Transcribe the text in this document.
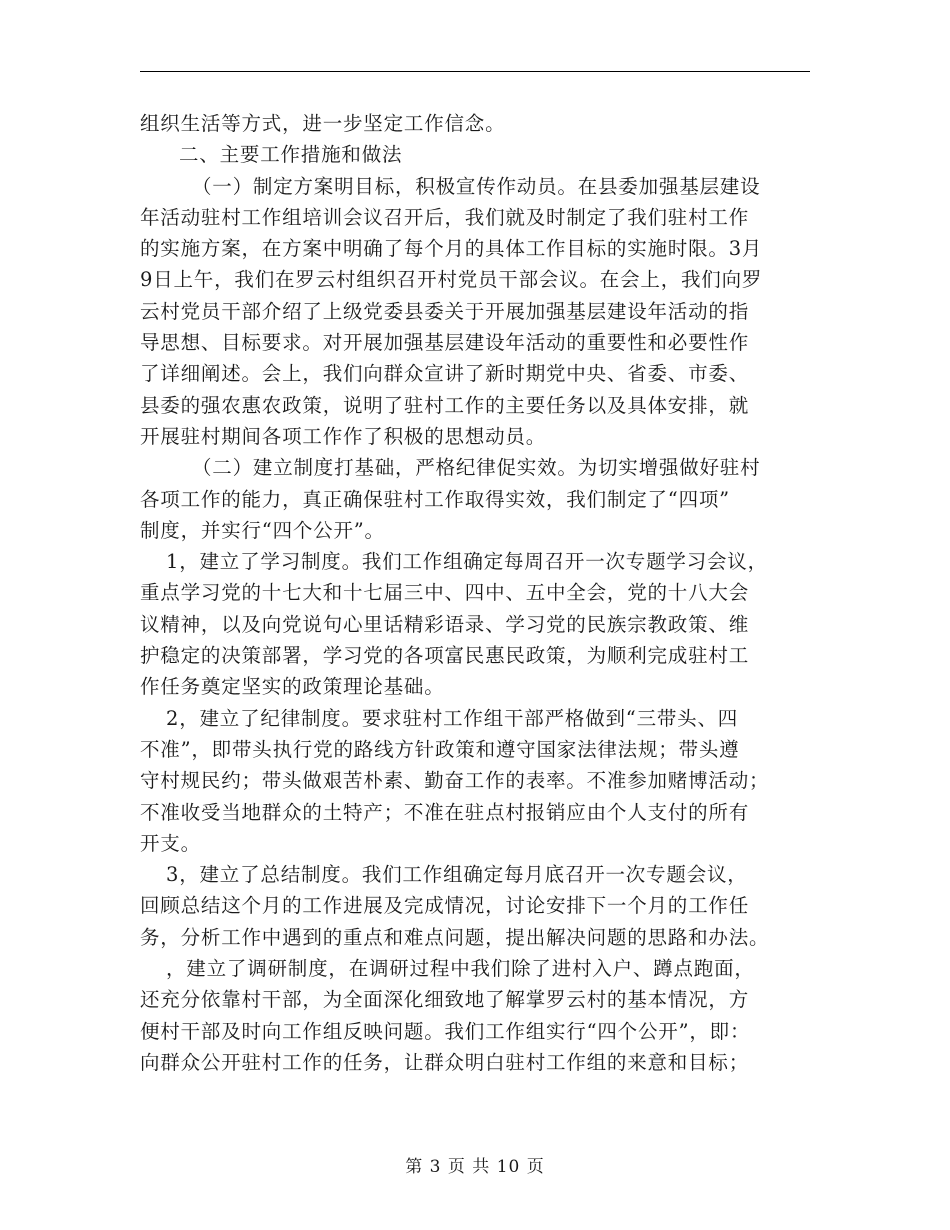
组织生活等方式，进一步坚定工作信念。
二、主要工作措施和做法
（一）制定方案明目标，积极宣传作动员。在县委加强基层建设
年活动驻村工作组培训会议召开后，我们就及时制定了我们驻村工作
的实施方案，在方案中明确了每个月的具体工作目标的实施时限。3月
9日上午，我们在罗云村组织召开村党员干部会议。在会上，我们向罗
云村党员干部介绍了上级党委县委关于开展加强基层建设年活动的指
导思想、目标要求。对开展加强基层建设年活动的重要性和必要性作
了详细阐述。会上，我们向群众宣讲了新时期党中央、省委、市委、
县委的强农惠农政策，说明了驻村工作的主要任务以及具体安排，就
开展驻村期间各项工作作了积极的思想动员。
（二）建立制度打基础，严格纪律促实效。为切实增强做好驻村
各项工作的能力，真正确保驻村工作取得实效，我们制定了“四项”
制度，并实行“四个公开”。
1，建立了学习制度。我们工作组确定每周召开一次专题学习会议，
重点学习党的十七大和十七届三中、四中、五中全会，党的十八大会
议精神，以及向党说句心里话精彩语录、学习党的民族宗教政策、维
护稳定的决策部署，学习党的各项富民惠民政策，为顺利完成驻村工
作任务奠定坚实的政策理论基础。
2，建立了纪律制度。要求驻村工作组干部严格做到“三带头、四
不准”，即带头执行党的路线方针政策和遵守国家法律法规；带头遵
守村规民约；带头做艰苦朴素、勤奋工作的表率。不准参加赌博活动；
不准收受当地群众的土特产；不准在驻点村报销应由个人支付的所有
开支。
3，建立了总结制度。我们工作组确定每月底召开一次专题会议，
回顾总结这个月的工作进展及完成情况，讨论安排下一个月的工作任
务，分析工作中遇到的重点和难点问题，提出解决问题的思路和办法。
，建立了调研制度，在调研过程中我们除了进村入户、蹲点跑面，
还充分依靠村干部，为全面深化细致地了解掌罗云村的基本情况，方
便村干部及时向工作组反映问题。我们工作组实行“四个公开”，即：
向群众公开驻村工作的任务，让群众明白驻村工作组的来意和目标；
第 3 页 共 10 页
